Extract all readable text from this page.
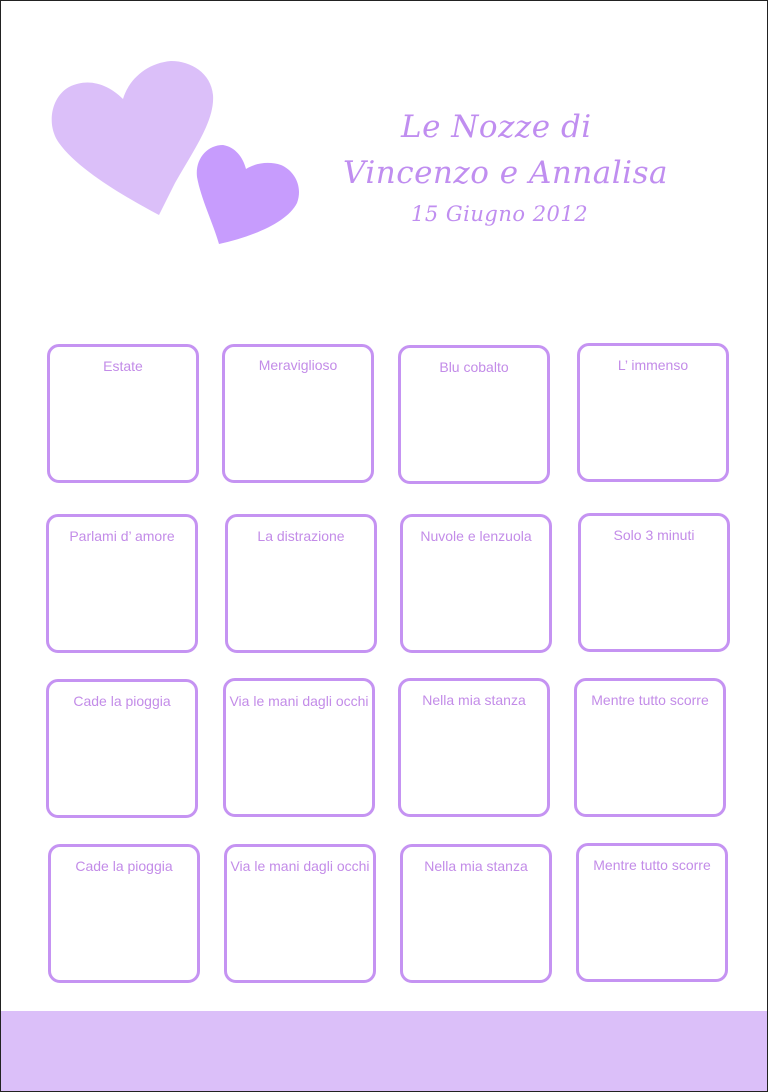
Le Nozze di
Vincenzo e Annalisa
15 Giugno 2012
Estate	Meraviglioso	Blu cobalto	L’ immenso
Parlami d’ amore	La distrazione	Nuvole e lenzuola	Solo 3 minuti
Cade la pioggia	Via le mani dagli occhi	Nella mia stanza	Mentre tutto scorre
Cade la pioggia	Via le mani dagli occhi	Nella mia stanza	Mentre tutto scorre
